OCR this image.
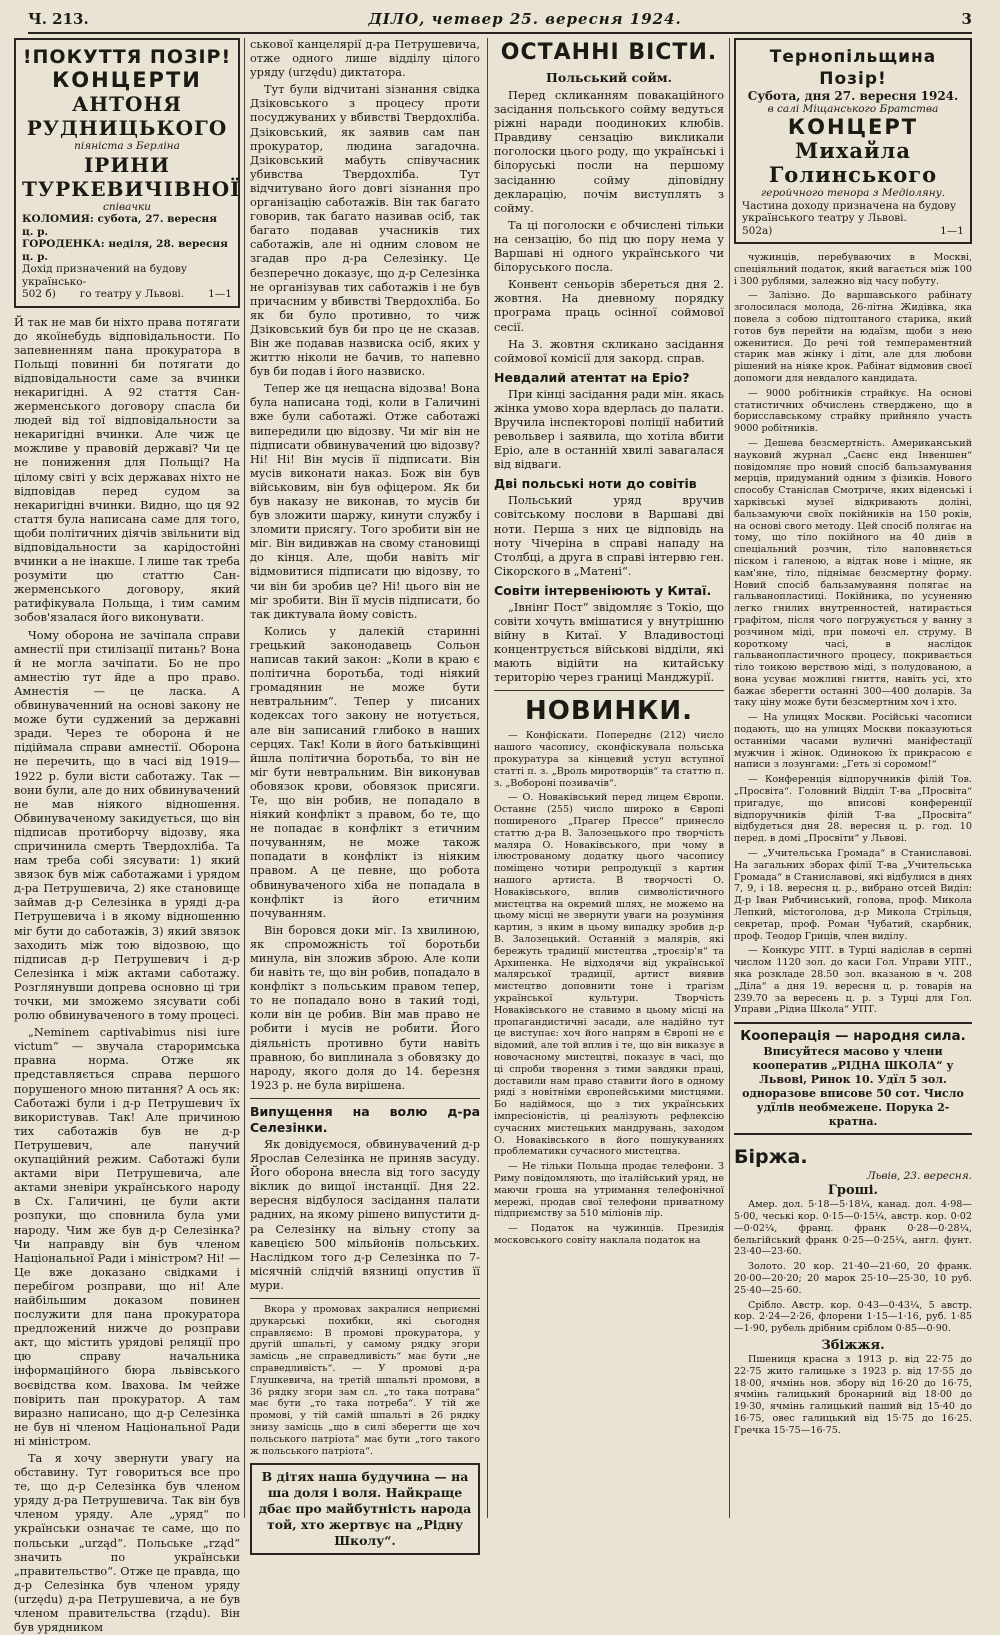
Ч. 213.	ДІЛО, четвер 25. вересня 1924.	3
!ПОКУТТЯ ПОЗІР!
КОНЦЕРТИ
АНТОНЯ РУДНИЦЬКОГО
піяніста з Берліна
ІРИНИ ТУРКЕВИЧІВНОЇ
співачки
КОЛОМИЯ: субота, 27. вересня ц. р.
ГОРОДЕНКА: неділя, 28. вересня ц. р.
Дохід призначений на будову українсько-
502 б) го театру у Львові. 1—1

Й так не мав би ніхто права потягати до якоїнебудь відповідальности. По запевненням пана прокуратора в Польщі повинні би потягати до відповідальности саме за вчинки некаригідні. А 92 стаття Сан-жерменського договору спасла би людей від тої відповідальности за некаригідні вчинки. Але чиж це можливе у правовій державі? Чи це не пониження для Польщі? На цілому світі у всіх державах ніхто не відповідав перед судом за некаригідні вчинки. Видно, що ця 92 стаття була написана саме для того, щоби політичних діячів звільнити від відповідальности за карідостойні вчинки а не інакше. І лише так треба розуміти цю статтю Сан-жерменського договору, який ратифікувала Польща, і тим самим зобов'язалася його виконувати.

Чому оборона не зачіпала справи амнестії при стилізації питань? Вона й не могла зачіпати. Бо не про амнестію тут йде а про право. Амнестія — це ласка. А обвинуваченний на основі закону не може бути суджений за державні зради. Через те оборона й не підіймала справи амнестії. Оборона не перечить, що в часі від 1919—1922 р. були вісти саботажу. Так — вони були, але до них обвинувачений не мав ніякого відношення. Обвинуваченому закидується, що він підписав протиборчу відозву, яка спричинила смерть Твердохліба. Та нам треба собі зясувати: 1) який звязок був між саботажами і урядом д-ра Петрушевича, 2) яке становище займав д-р Селезінка в уряді д-ра Петрушевича і в якому відношенню міг бути до саботажів, 3) який звязок заходить між тою відозвою, що підписав д-р Петрушевич і д-р Селезінка і між актами саботажу. Розглянувши допрева основно ці три точки, ми зможемо зясувати собі ролю обвинуваченого в тому процесі.

„Neminem captivabimus nisi iure victum“ — звучала староримська правна норма. Отже як представляється справа першого порушеного мною питання? А ось як: Саботажі були і д-р Петрушевич їх використував. Так! Але причиною тих саботажів був не д-р Петрушевич, але панучий окупаційний режим. Саботажі були актами віри Петрушевича, але актами зневіри українського народу в Сх. Галичині, це були акти розпуки, що сповнила була уми народу. Чим же був д-р Селезінка? Чи направду він був членом Національної Ради і міністром? Ні! — Це вже доказано свідками і перебігом розправи, що ні! Але найбільшим доказом повинен послужити для пана прокуратора предложений нижче до розправи акт, що містить урядові реляції про цю справу начальника інформаційного бюра львівського воєвідства ком. Івахова. Ім чейже повірить пан прокуратор. А там виразно написано, що д-р Селезінка не був ні членом Національної Ради ні міністром.

Та я хочу звернути увагу на обставину. Тут говориться все про те, що д-р Селезінка був членом уряду д-ра Петрушевича. Так він був членом уряду. Але „уряд“ по українськи означає те саме, що по польськи „urząd“. Польське „rząd“ значить по українськи „правительство“. Отже це правда, що д-р Селезінка був членом уряду (urzędu) д-ра Петрушевича, а не був членом правительства (rządu). Він був урядником

ськової канцелярії д-ра Петрушевича, отже одного лише відділу цілого уряду (urzędu) диктатора.

Тут були відчитані зізнання свідка Дзіковського з процесу проти посуджуваних у вбивстві Твердохліба. Дзіковський, як заявив сам пан прокуратор, людина загадочна. Дзіковський мабуть співучасник убивства Твердохліба. Тут відчитувано його довгі зізнання про організацію саботажів. Він так багато говорив, так багато називав осіб, так багато подавав учасників тих саботажів, але ні одним словом не згадав про д-ра Селезінку. Це безперечно доказує, що д-р Селезінка не організував тих саботажів і не був причасним у вбивстві Твердохліба. Бо як би було противно, то чиж Дзіковський був би про це не сказав. Він же подавав назвиска осіб, яких у життю ніколи не бачив, то напевно був би подав і його назвиско.

Тепер же ця нещасна відозва! Вона була написана тоді, коли в Галичині вже були саботажі. Отже саботажі випередили цю відозву. Чи міг він не підписати обвинувачений цю відозву? Ні! Ні! Він мусів її підписати. Він мусів виконати наказ. Бож він був військовим, він був офіцером. Як би був наказу не виконав, то мусів би був зложити шаржу, кинути службу і зломити присягу. Того зробити він не міг. Він видивжав на свому становищі до кінця. Але, щоби навіть міг відмовитися підписати цю відозву, то чи він би зробив це? Ні! цього він не міг зробити. Він її мусів підписати, бо так диктувала йому совість.

Колись у далекій старинні грецький законодавець Сольон написав такий закон: „Коли в краю є політична боротьба, тоді ніякий громадянин не може бути невтральним“. Тепер у писаних кодексах того закону не нотується, але він записаний глибоко в наших серцях. Так! Коли в його батьківщині йшла політична боротьба, то він не міг бути невтральним. Він виконував обовязок крови, обовязок присяги. Те, що він робив, не попадало в ніякий конфлікт з правом, бо те, що не попадає в конфлікт з етичним почуванням, не може також попадати в конфлікт із ніяким правом. А це певне, що робота обвинуваченого хіба не попадала в конфлікт із його етичним почуванням.

Він боровся доки міг. Із хвилиною, як спроможність тої боротьби минула, він зложив зброю. Але коли би навіть те, що він робив, попадало в конфлікт з польським правом тепер, то не попадало воно в такий тоді, коли він це робив. Він мав право не робити і мусів не робити. Його діяльність противно бути навіть правною, бо виплинала з обовязку до народу, якого доля до 14. березня 1923 р. не була вирішена.

Випущення на волю д-ра Селезінки.

Як довідуємося, обвинувачений д-р Ярослав Селезінка не приняв засуду. Його оборона внесла від того засуду віклик до вищої інстанції. Дня 22. вересня відбулося засідання палати радних, на якому рішено випустити д-ра Селезінку на вільну стопу за кавецією 500 мільйонів польських. Наслідком того д-р Селезінка по 7-місячній слідчій вязниці опустив її мури.

Вкора у промовах закралися неприємні друкарські похибки, які сьогодня справляємо: В промові прокуратора, у другій шпальті, у самому рядку згори замісць „не справедливість“ має бути „не справедливість“. — У промові д-ра Глушкевича, на третій шпальті промови, в 36 рядку згори зам сл. „то така потрава“ має бути „то така потреба“. У тій же промові, у тій самій шпальті в 26 рядку знизу замісць „що в силі зберегти ще хоч польського патріота“ має бути „того такого ж польського патріота“.

В дітях наша будучина — на ша доля і воля. Найкраще дбає про майбутність народа той, хто жертвує на „Рідну Школу“.
ОСТАННІ ВІСТИ.
Польський сойм.

Перед скликанням повакаційного засідання польського сойму ведуться ріжні наради поодиноких клюбів. Правдиву сензацію викликали поголоски цього роду, що українські і білоруські посли на першому засіданню сойму діповідну декларацію, почім виступлять з сойму.

Та ці поголоски є обчислені тільки на сензацію, бо під цю пору нема у Варшаві ні одного українського чи білоруського посла.

Конвент сеньорів збереться дня 2. жовтня. На дневному порядку програма праць осінної соймової сесії.

На 3. жовтня скликано засідання соймової комісії для закорд. справ.

Невдалий атентат на Еріо?

При кінці засідання ради мін. якась жінка умово хора вдерлась до палати. Вручила інспекторові поліції набитий револьвер і заявила, що хотіла вбити Еріо, але в останній хвилі завагалася від відваги.

Дві польські ноти до совітів

Польський уряд вручив совітському послови в Варшаві дві ноти. Перша з них це відповідь на ноту Чічеріна в справі нападу на Столбці, а друга в справі інтервю ген. Сікорского в „Матені“.

Совіти інтервеніюють у Китаї.

„Івнінг Пост“ звідомляє з Токіо, що совіти хочуть вмішатися у внутрішню війну в Китаї. У Владивостоці концентрується військові відділи, які мають відійти на китайську територію через границі Манджурії.

НОВИНКИ.

— Конфіскати. Попереднє (212) число нашого часопису, сконфіскувала польська прокуратура за кінцевий уступ вступної статті п. з. „Вроль миротворців“ та статтю п. з. „Вобороні позивачів“.

— О. Новаківський перед лицем Європи. Останнє (255) число широко в Європі поширеного „Прагер Прессе“ принесло статтю д-ра В. Залозецького про творчість маляра О. Новаківського, при чому в ілюстрованому додатку цього часопису поміщено чотири репродукції з картин нашого артиста. В творчості О. Новаківського, вплив символістичного мистецтва на окремий шлях, не можемо на цьому місці не звернути уваги на розуміння картин, з яким в цьому випадку зробив д-р В. Залозецький. Останній з малярів, які бережуть традиції мистецтва „троєзір'я“ та Архипенка. Не відходячи від української малярської традиції, артист виявив мистецтво доповнити тоне і трагізм української культури. Творчість Новаківського не ставимо в цьому місці на пропагандистичні засади, але надійно тут це виступає: хоч його напрям в Європі не є відомий, але той вплив і те, що він виказує в новочасному мистецтві, показує в часі, що ці спроби творення з тими завдяки праці, доставили нам право ставити його в одному ряді з новітніми європейськими мистцями. Бо надіймося, що з тих українських імпресіоністів, ці реалізують рефлексію сучасних мистецьких мандрувань, заходом О. Новаківського в його пошукуваннях проблематики сучасного мистецтва.

— Не тільки Польща продає телефони. З Риму повідомляють, що італійський уряд, не маючи гроша на утримання телефонічної мережі, продав свої телефони приватному підприємству за 510 міліонів лір.

— Податок на чужинців. Президія московського совіту наклала податок на

Тернопільщина Позір!
Субота, дня 27. вересня 1924.
в салі Міщанського Братства
КОНЦЕРТ
Михайла Голинського
геройчного тенора з Медіоляну.
Частина доходу призначена на будову українського театру у Львові.
502а)	1—1

чужинців, перебуваючих в Москві, спеціяльний податок, який вагається між 100 і 300 рублями, залежно від часу побуту.

— Залізно. До варшавського рабінату зголосилася молода, 26-літна Жидівка, яка повела з собою підтоптаного старика, який готов був перейти на юдаїзм, щоби з нею оженитися. До речі той темпераментний старик мав жінку і діти, але для любови рішений на ніяке крок. Рабінат відмовив своєї допомоги для невдалого кандидата.

— 9000 робітників страйкує. На основі статистичних обчислень стверджено, що в борисславському страйку прийняло участь 9000 робітників.

— Дешева безсмертність. Американський науковий журнал „Саєнс енд Інвеншен“ повідомляє про новий спосіб бальзамування мерців, придуманий одним з фізиків. Нового способу Станіслав Смотриче, яких віденські і харківські музеї відкривають доліні, бальзамуючи своїх покійників на 150 років, на основі свого методу. Цей спосіб полягає на тому, що тіло покійного на 40 днів в спеціальний розчин, тіло наповняється піском і галеною, а відтак нове і міцне, як кам'яне, тіло, піднімає безсмертну форму. Новий спосіб бальзамування полягає на гальванопластиці. Покійника, по усуненню легко гнилих внутренностей, натирається графітом, після чого погружується у ванну з розчином міді, при помочі ел. струму. В короткому часі, в наслідок гальванопластичного процесу, покривається тіло тонкою верствою міді, з полудованою, а вона усуває можливі гниття, навіть усі, хто бажає зберегти останні 300—400 доларів. За таку ціну може бути безсмертним хоч і хто.

— На улицях Москви. Російські часописи подають, що на улицях Москви показуються останніми часами вуличні маніфестації мужчин і жінок. Одинокою їх прикрасою є написи з лозунгами: „Геть зі соромом!“

— Конференція відпоручників філій Тов. „Просвіта“. Головний Відділ Т-ва „Просвіта“ пригадує, що вписові конференції відпоручників філій Т-ва „Просвіта“ відбудеться дня 28. вересня ц. р. год. 10 перед. в домі „Просвіти“ у Львові.

— „Учительська Громада“ в Станиславові. На загальних зборах філії Т-ва „Учительська Громада“ в Станиславові, які відбулися в днях 7, 9, і 18. вересня ц. р., вибрано отсей Виділ: Д-р Іван Рибчинський, голова, проф. Микола Лепкий, містоголова, д-р Микола Стрільця, секретар, проф. Роман Чубатий, скарбник, проф. Теодор Гриців, член виділу.

— Конкурс УПТ. в Турці надіслав в серпні числом 1120 зол. до каси Гол. Управи УПТ., яка розкладе 28.50 зол. вказаною в ч. 208 „Діла“ а дня 19. вересня ц. р. товарів на 239.70 за вересень ц. р. з Турці для Гол. Управи „Рідна Школа“ УПТ.

Кооперація — народня сила.
Вписуйтеся масово у члени кооператив „РІДНА ШКОЛА“ у Львові, Ринок 10. Удїл 5 зол. одноразове вписове 50 сот. Число удїлів необмежене. Порука 2-кратна.
Біржа.
Львів, 23. вересня.
Гроші.

Амер. дол. 5·18—5·18¼, канад. дол. 4·98—5·00, чеські кор. 0·15—0·15¼, австр. кор. 0·02—0·02¼, франц. франк 0·28—0·28¼, бельгійський франк 0·25—0·25¼, англ. фунт. 23·40—23·60.

Золото. 20 кор. 21·40—21·60, 20 франк. 20·00—20·20; 20 марок 25·10—25·30, 10 руб. 25·40—25·60.

Срібло. Австр. кор. 0·43—0·43¼, 5 австр. кор. 2·24—2·26, флорени 1·15—1·16, руб. 1·85—1·90, рубель дрібним сріблом 0·85—0·90.

Збіжжя.

Пшениця красна з 1913 р. від 22·75 до 22·75 жито галицьке з 1923 р. від 17·55 до 18·00, ячмінь нов. збору від 16·20 до 16·75, ячмінь галицький бронарний від 18·00 до 19·30, ячмінь галицький паший від 15·40 до 16·75, овес галицький від 15·75 до 16·25. Гречка 15·75—16·75.
